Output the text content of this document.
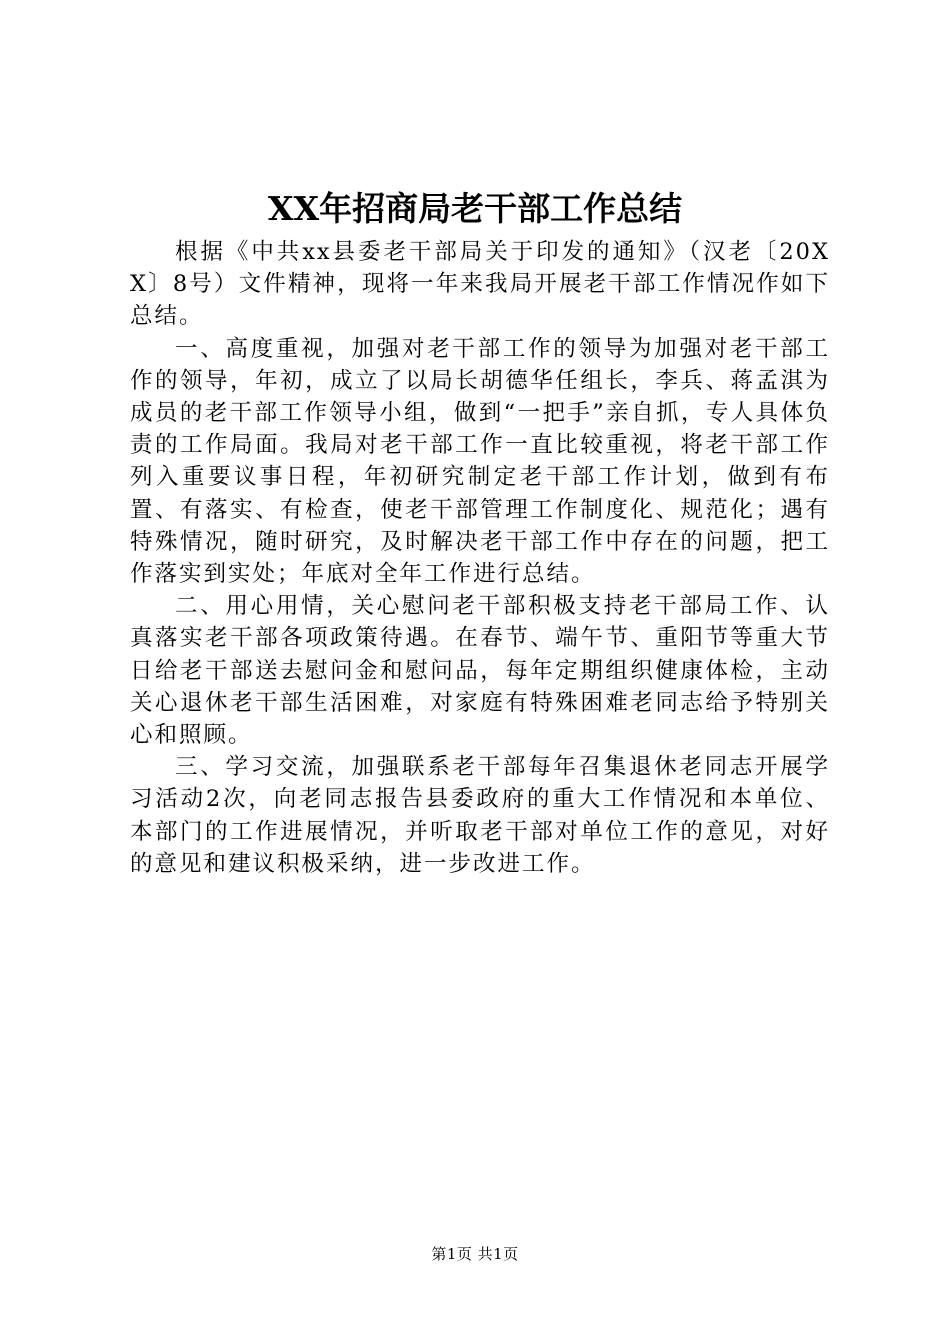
XX年招商局老干部工作总结

根据《中共xx县委老干部局关于印发的通知》（汉老〔20XX〕8号）文件精神，现将一年来我局开展老干部工作情况作如下总结。

一、高度重视，加强对老干部工作的领导为加强对老干部工作的领导，年初，成立了以局长胡德华任组长，李兵、蒋孟淇为成员的老干部工作领导小组，做到“一把手”亲自抓，专人具体负责的工作局面。我局对老干部工作一直比较重视，将老干部工作列入重要议事日程，年初研究制定老干部工作计划，做到有布置、有落实、有检查，使老干部管理工作制度化、规范化；遇有特殊情况，随时研究，及时解决老干部工作中存在的问题，把工作落实到实处；年底对全年工作进行总结。

二、用心用情，关心慰问老干部积极支持老干部局工作、认真落实老干部各项政策待遇。在春节、端午节、重阳节等重大节日给老干部送去慰问金和慰问品，每年定期组织健康体检，主动关心退休老干部生活困难，对家庭有特殊困难老同志给予特别关心和照顾。

三、学习交流，加强联系老干部每年召集退休老同志开展学习活动2次，向老同志报告县委政府的重大工作情况和本单位、本部门的工作进展情况，并听取老干部对单位工作的意见，对好的意见和建议积极采纳，进一步改进工作。

第1页 共1页
